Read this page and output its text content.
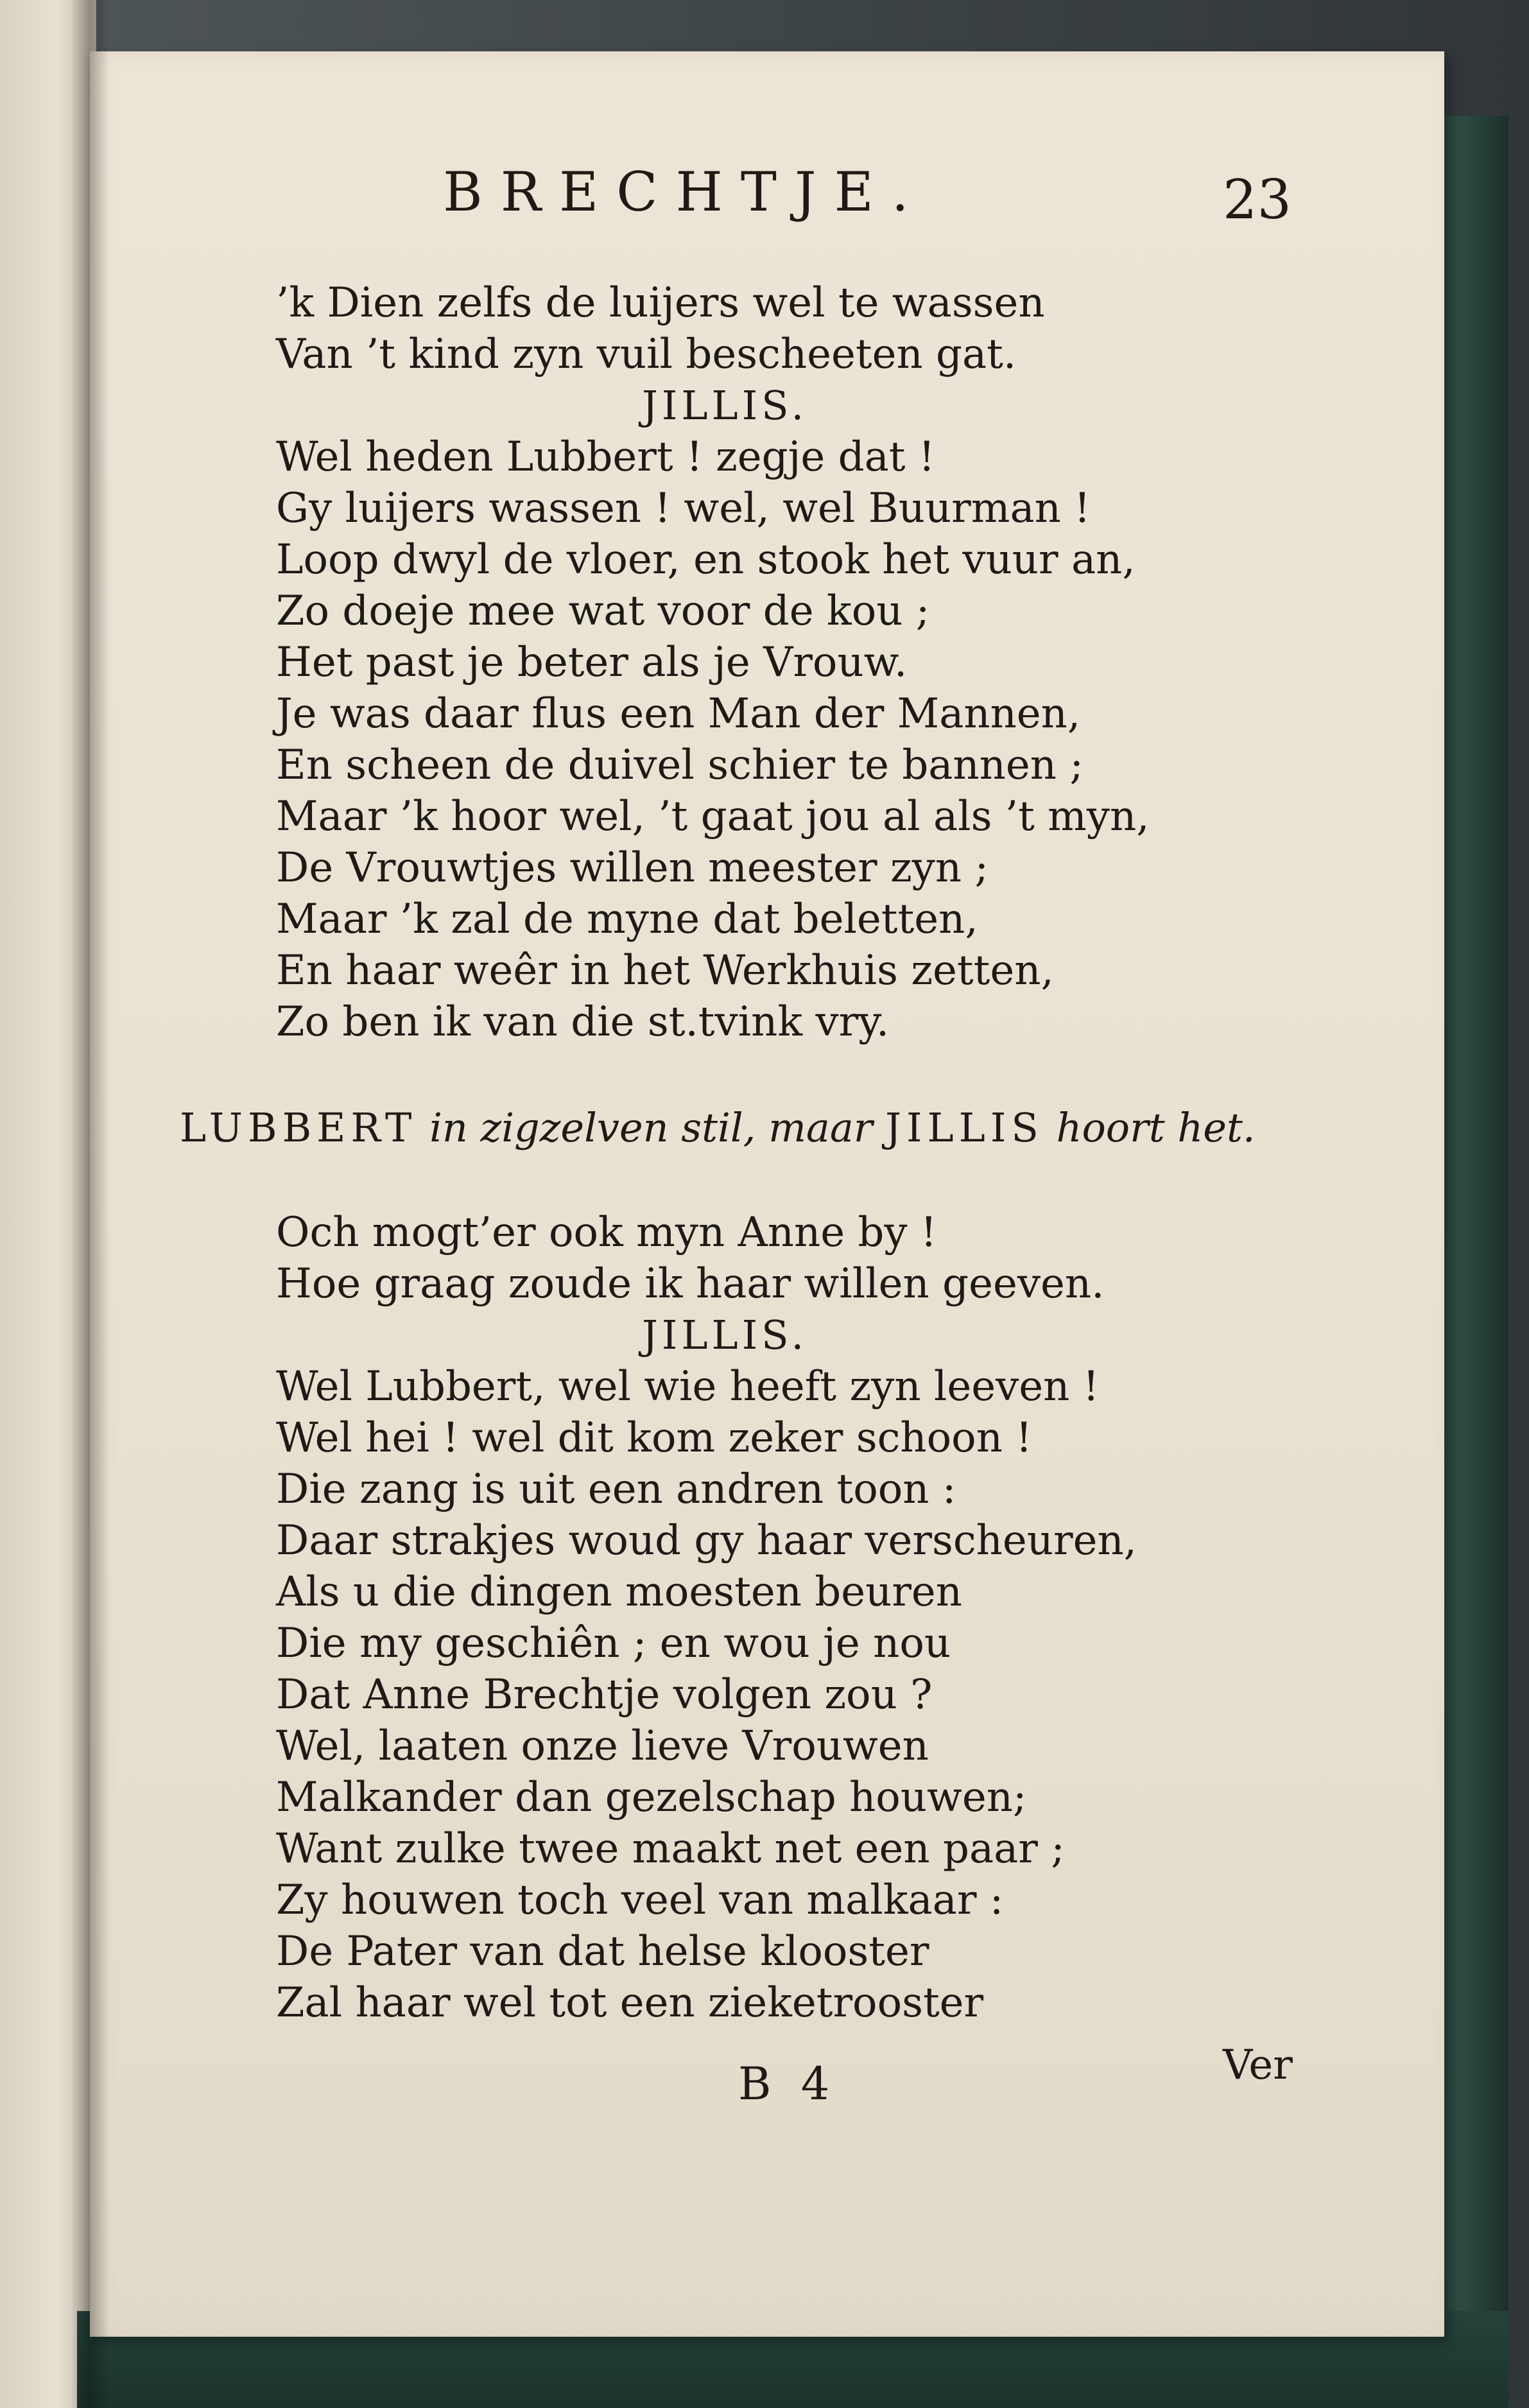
BRECHTJE.	23
’k Dien zelfs de luijers wel te wassen
Van ’t kind zyn vuil bescheeten gat.
JILLIS.
Wel heden Lubbert ! zegje dat !
Gy luijers wassen ! wel, wel Buurman !
Loop dwyl de vloer, en stook het vuur an,
Zo doeje mee wat voor de kou ;
Het past je beter als je Vrouw.
Je was daar flus een Man der Mannen,
En scheen de duivel schier te bannen ;
Maar ’k hoor wel, ’t gaat jou al als ’t myn,
De Vrouwtjes willen meester zyn ;
Maar ’k zal de myne dat beletten,
En haar weêr in het Werkhuis zetten,
Zo ben ik van die st.tvink vry.
LUBBERT in zigzelven stil, maar JILLIS hoort het.
Och mogt’er ook myn Anne by !
Hoe graag zoude ik haar willen geeven.
JILLIS.
Wel Lubbert, wel wie heeft zyn leeven !
Wel hei ! wel dit kom zeker schoon !
Die zang is uit een andren toon :
Daar strakjes woud gy haar verscheuren,
Als u die dingen moesten beuren
Die my geschiên ; en wou je nou
Dat Anne Brechtje volgen zou ?
Wel, laaten onze lieve Vrouwen
Malkander dan gezelschap houwen;
Want zulke twee maakt net een paar ;
Zy houwen toch veel van malkaar :
De Pater van dat helse klooster
Zal haar wel tot een zieketrooster
B 4	Ver
